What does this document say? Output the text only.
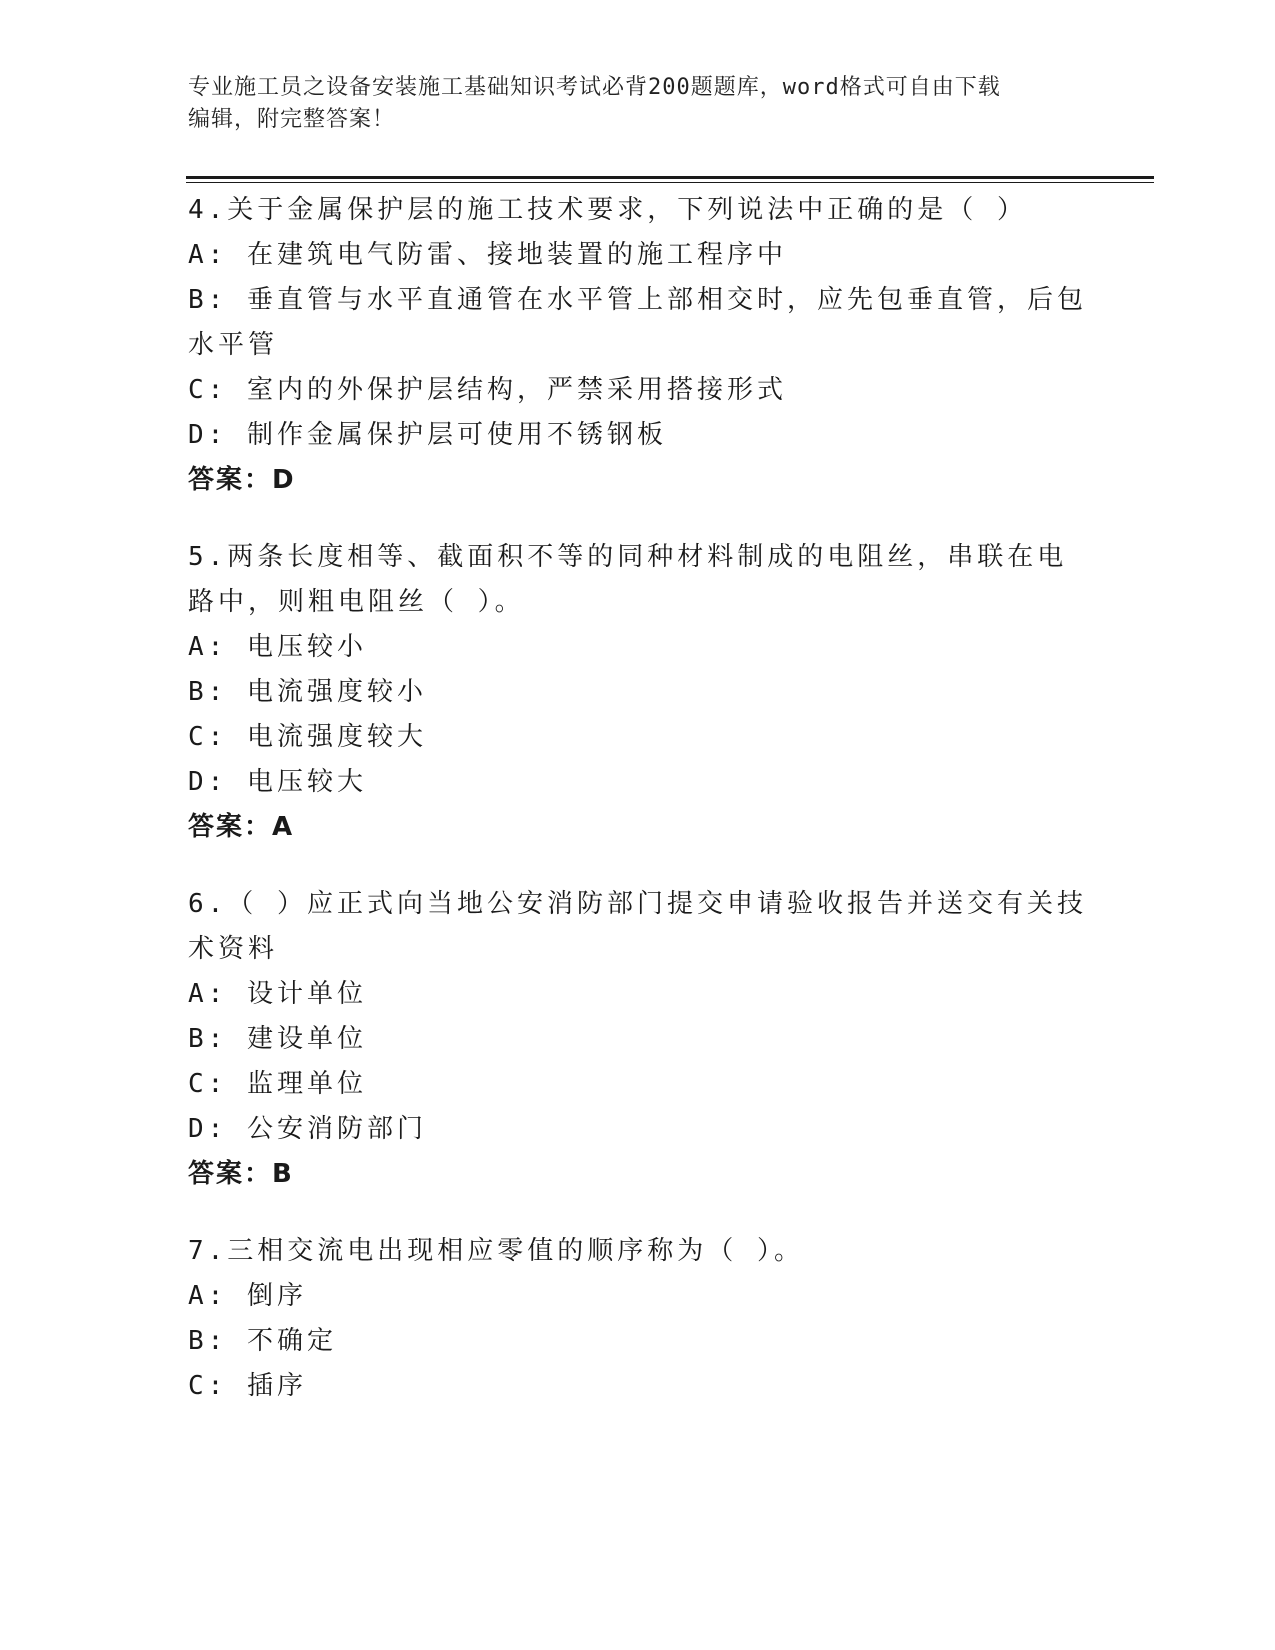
专业施工员之设备安装施工基础知识考试必背200题题库，word格式可自由下载
编辑，附完整答案！

4.关于金属保护层的施工技术要求，下列说法中正确的是（ ）

A: 在建筑电气防雷、接地装置的施工程序中

B: 垂直管与水平直通管在水平管上部相交时，应先包垂直管，后包水平管

C: 室内的外保护层结构，严禁采用搭接形式

D: 制作金属保护层可使用不锈钢板

答案：D

5.两条长度相等、截面积不等的同种材料制成的电阻丝，串联在电路中，则粗电阻丝（ ）。

A: 电压较小

B: 电流强度较小

C: 电流强度较大

D: 电压较大

答案：A

6.（ ）应正式向当地公安消防部门提交申请验收报告并送交有关技术资料

A: 设计单位

B: 建设单位

C: 监理单位

D: 公安消防部门

答案：B

7.三相交流电出现相应零值的顺序称为（ ）。

A: 倒序

B: 不确定

C: 插序
